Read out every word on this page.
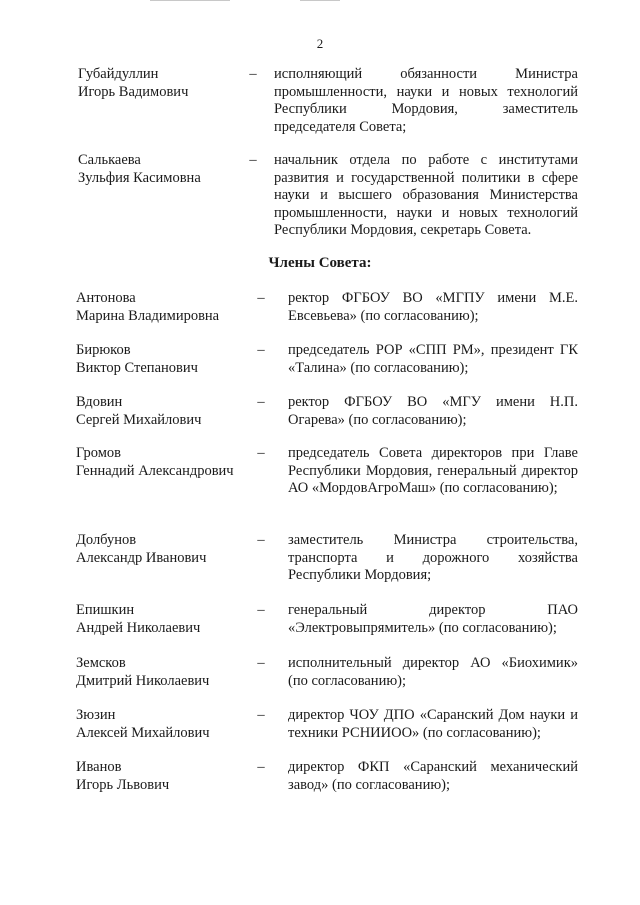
2
Губайдуллин
Игорь Вадимович
– исполняющий обязанности Министра промышленности, науки и новых технологий Республики Мордовия, заместитель председателя Совета;
Салькаева
Зульфия Касимовна
– начальник отдела по работе с институтами развития и государственной политики в сфере науки и высшего образования Министерства промышленности, науки и новых технологий Республики Мордовия, секретарь Совета.
Члены Совета:
Антонова
Марина Владимировна
– ректор ФГБОУ ВО «МГПУ имени М.Е. Евсевьева» (по согласованию);
Бирюков
Виктор Степанович
– председатель РОР «СПП РМ», президент ГК «Талина» (по согласованию);
Вдовин
Сергей Михайлович
– ректор ФГБОУ ВО «МГУ имени Н.П. Огарева» (по согласованию);
Громов
Геннадий Александрович
– председатель Совета директоров при Главе Республики Мордовия, генеральный директор АО «МордовАгроМаш» (по согласованию);
Долбунов
Александр Иванович
– заместитель Министра строительства, транспорта и дорожного хозяйства Республики Мордовия;
Епишкин
Андрей Николаевич
– генеральный директор ПАО «Электровыпрямитель» (по согласованию);
Земсков
Дмитрий Николаевич
– исполнительный директор АО «Биохимик» (по согласованию);
Зюзин
Алексей Михайлович
– директор ЧОУ ДПО «Саранский Дом науки и техники РСНИИОО» (по согласованию);
Иванов
Игорь Львович
– директор ФКП «Саранский механический завод» (по согласованию);
